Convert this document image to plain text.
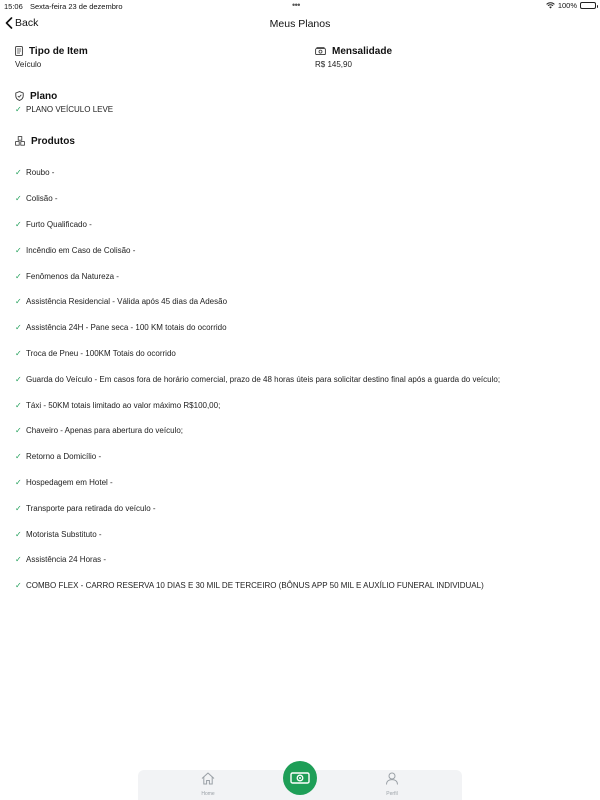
15:06 Sexta-feira 23 de dezembro	•••	100%
Back	Meus Planos
Tipo de Item
Veículo
Mensalidade
R$ 145,90
Plano
✓ PLANO VEÍCULO LEVE
Produtos
✓ Roubo -
✓ Colisão -
✓ Furto Qualificado -
✓ Incêndio em Caso de Colisão -
✓ Fenômenos da Natureza -
✓ Assistência Residencial - Válida após 45 dias da Adesão
✓ Assistência 24H - Pane seca - 100 KM totais do ocorrido
✓ Troca de Pneu - 100KM Totais do ocorrido
✓ Guarda do Veículo - Em casos fora de horário comercial, prazo de 48 horas úteis para solicitar destino final após a guarda do veículo;
✓ Táxi - 50KM totais limitado ao valor máximo R$100,00;
✓ Chaveiro - Apenas para abertura do veículo;
✓ Retorno a Domicílio -
✓ Hospedagem em Hotel -
✓ Transporte para retirada do veículo -
✓ Motorista Substituto -
✓ Assistência 24 Horas -
✓ COMBO FLEX - CARRO RESERVA 10 DIAS E 30 MIL DE TERCEIRO (BÔNUS APP 50 MIL E AUXÍLIO FUNERAL INDIVIDUAL)
Home	Perfil
